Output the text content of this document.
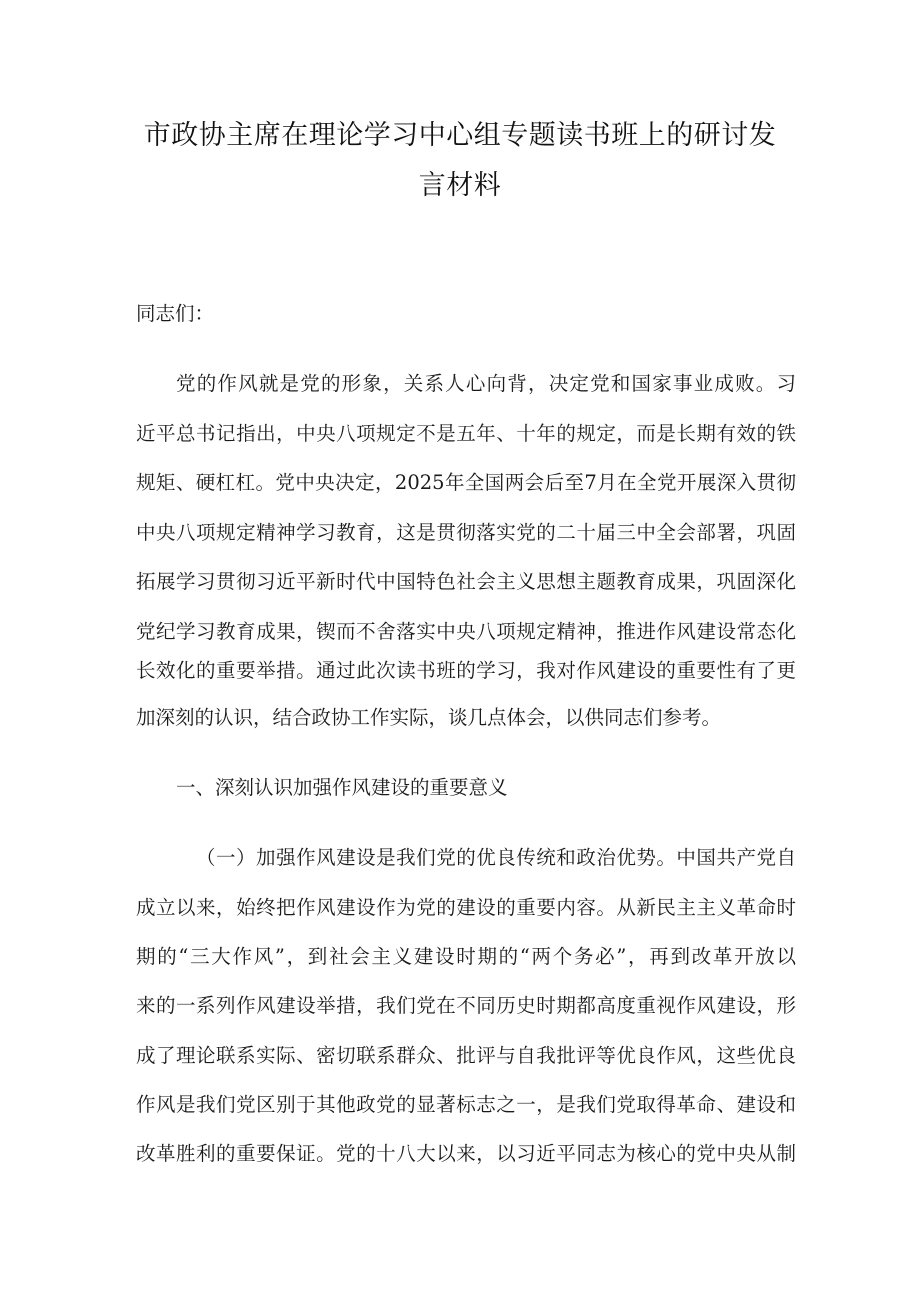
市政协主席在理论学习中心组专题读书班上的研讨发
言材料
同志们：
党的作风就是党的形象，关系人心向背，决定党和国家事业成败。习
近平总书记指出，中央八项规定不是五年、十年的规定，而是长期有效的铁
规矩、硬杠杠。党中央决定，2025年全国两会后至7月在全党开展深入贯彻
中央八项规定精神学习教育，这是贯彻落实党的二十届三中全会部署，巩固
拓展学习贯彻习近平新时代中国特色社会主义思想主题教育成果，巩固深化
党纪学习教育成果，锲而不舍落实中央八项规定精神，推进作风建设常态化
长效化的重要举措。通过此次读书班的学习，我对作风建设的重要性有了更
加深刻的认识，结合政协工作实际，谈几点体会，以供同志们参考。
一、深刻认识加强作风建设的重要意义
（一）加强作风建设是我们党的优良传统和政治优势。中国共产党自
成立以来，始终把作风建设作为党的建设的重要内容。从新民主主义革命时
期的“三大作风”，到社会主义建设时期的“两个务必”，再到改革开放以
来的一系列作风建设举措，我们党在不同历史时期都高度重视作风建设，形
成了理论联系实际、密切联系群众、批评与自我批评等优良作风，这些优良
作风是我们党区别于其他政党的显著标志之一，是我们党取得革命、建设和
改革胜利的重要保证。党的十八大以来，以习近平同志为核心的党中央从制
